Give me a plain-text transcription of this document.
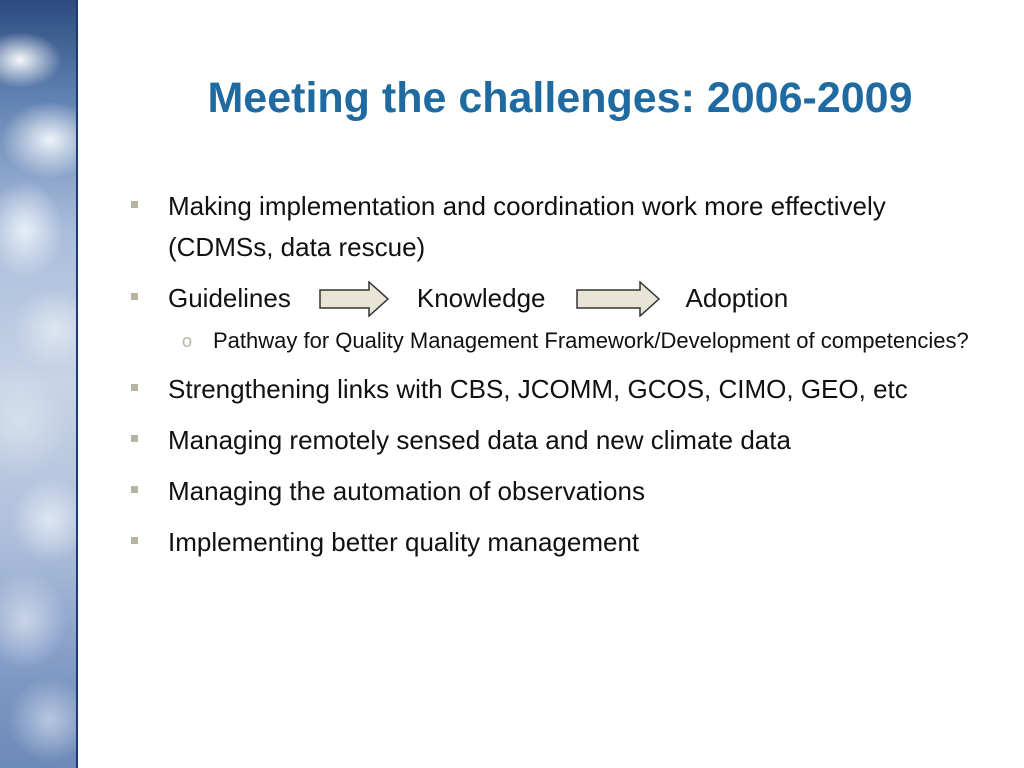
Meeting the challenges: 2006-2009
Making implementation and coordination work more effectively (CDMSs, data rescue)
Guidelines	Knowledge	Adoption
o Pathway for Quality Management Framework/Development of competencies?
Strengthening links with CBS, JCOMM, GCOS, CIMO, GEO, etc
Managing remotely sensed data and new climate data
Managing the automation of observations
Implementing better quality management
